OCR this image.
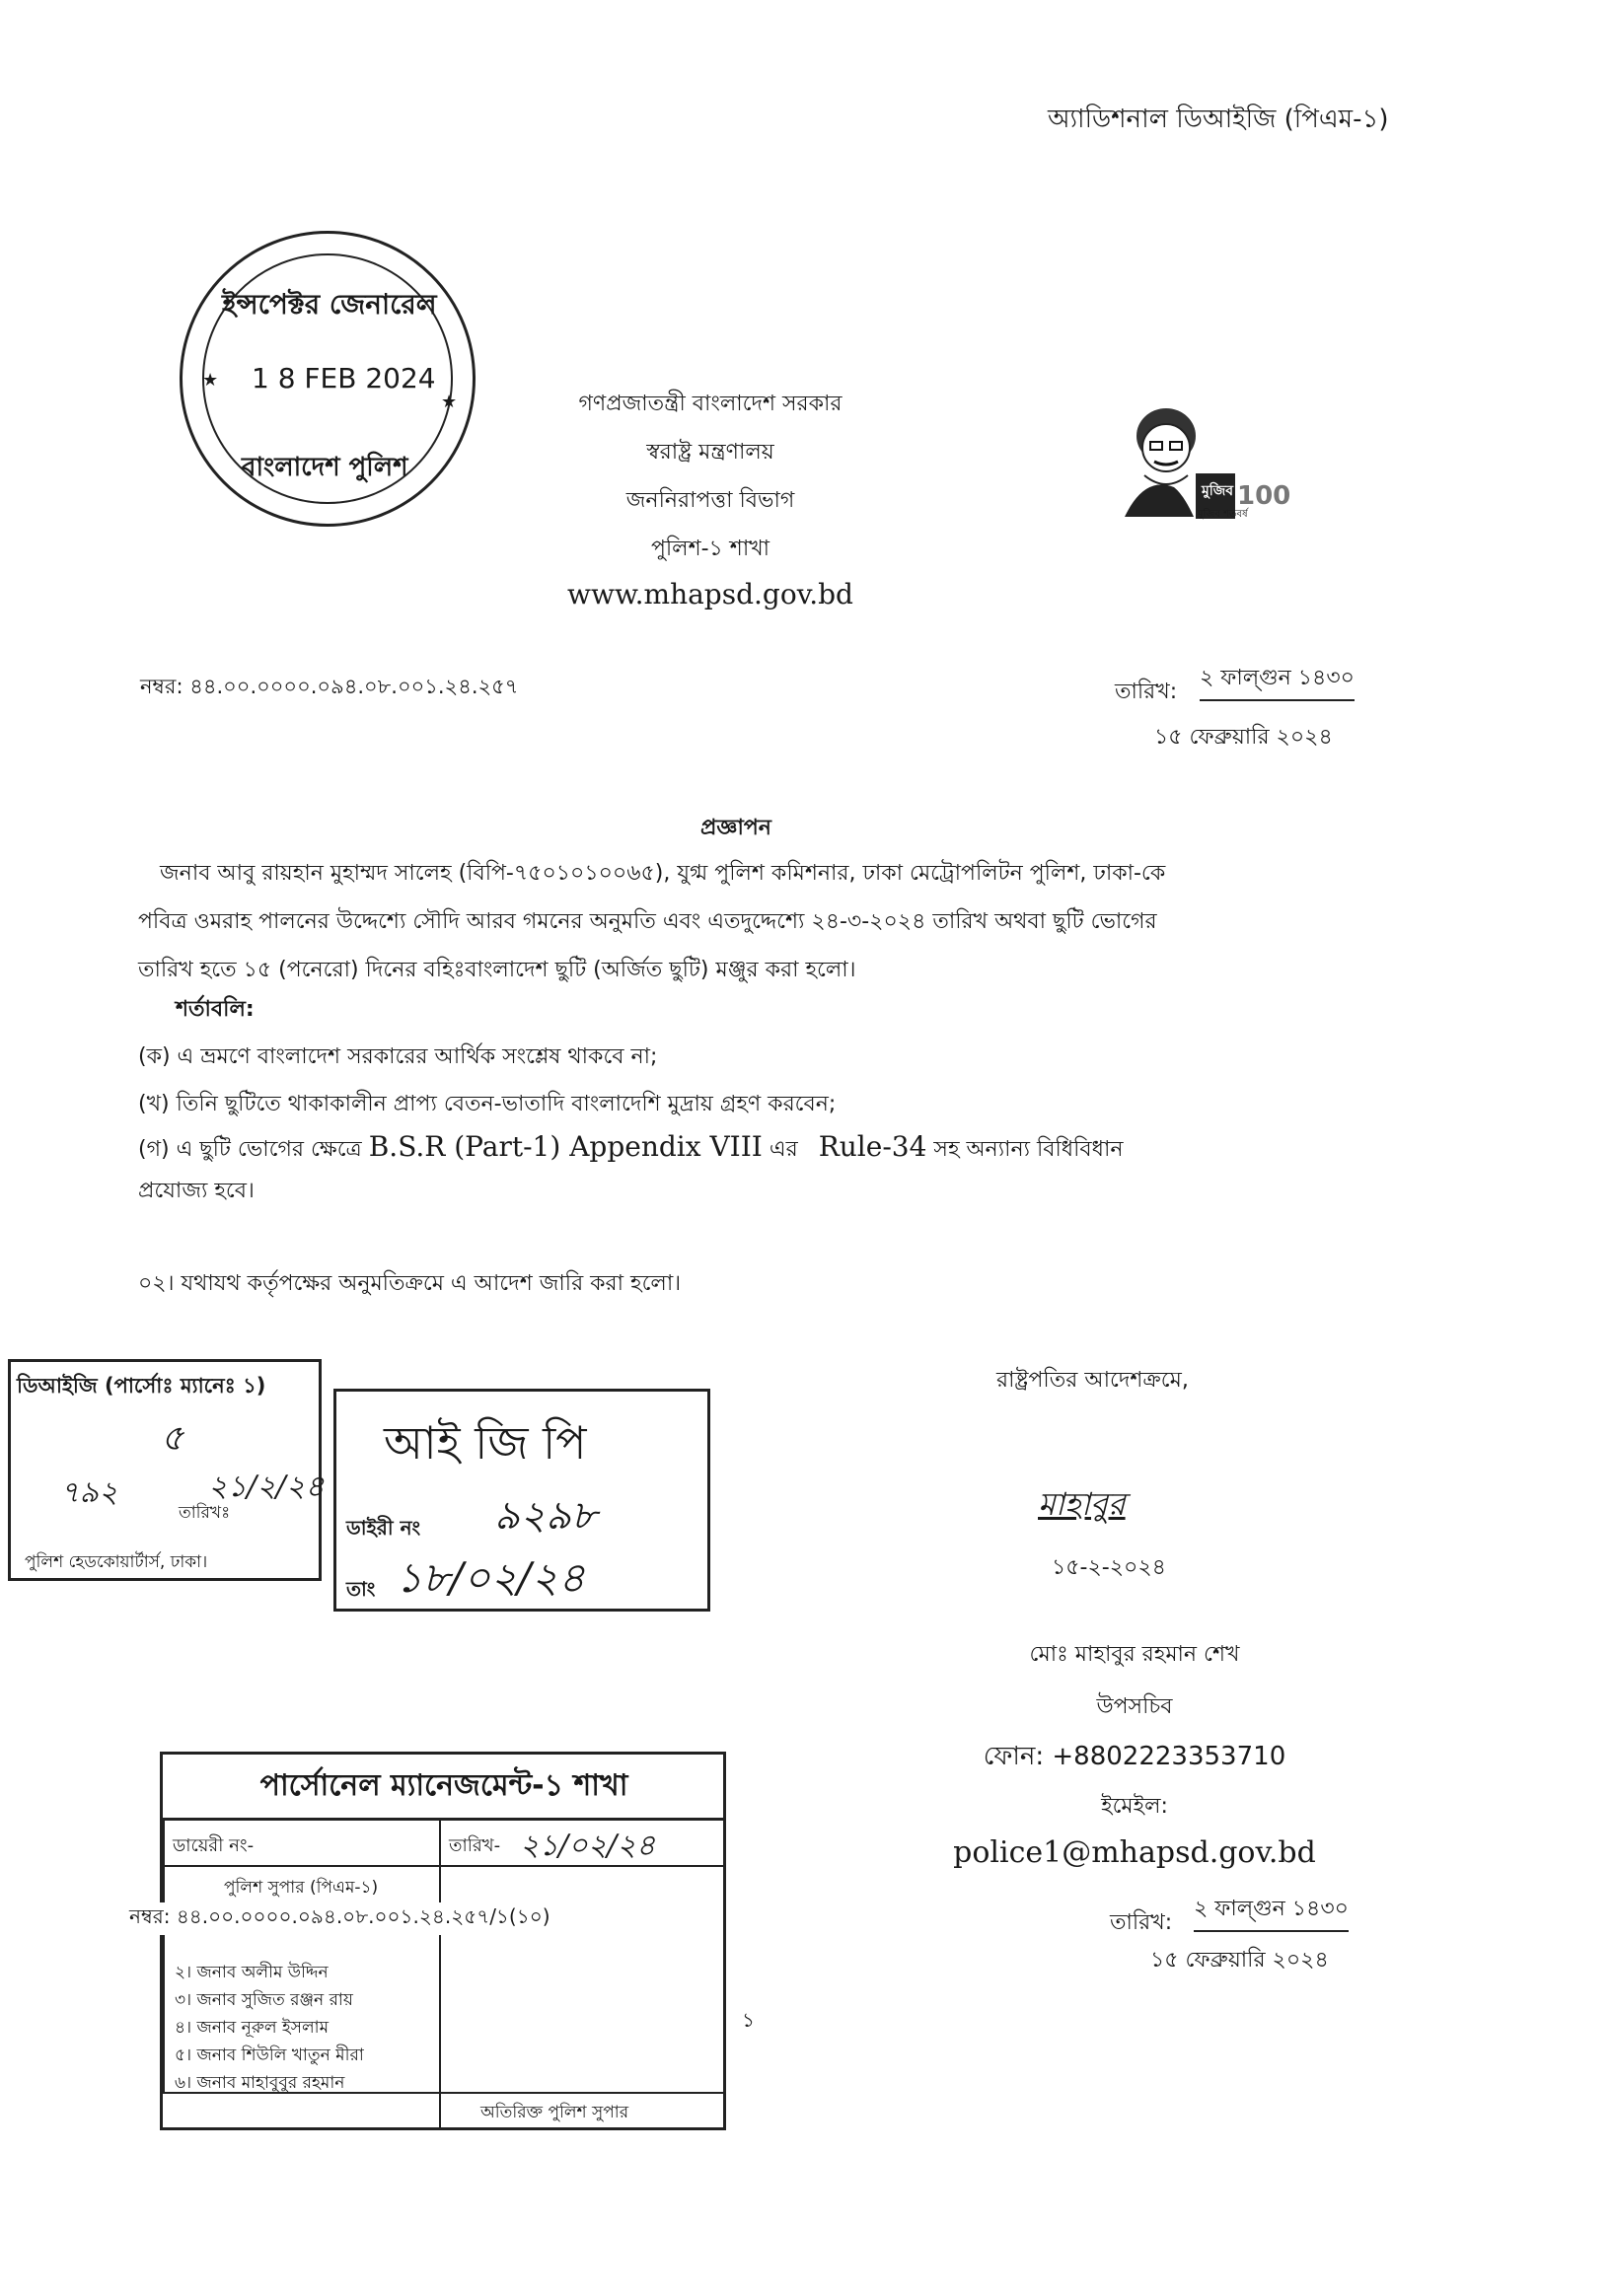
অ্যাডিশনাল ডিআইজি (পিএম-১)
ইন্সপেক্টর জেনারেল
1 8 FEB 2024
★
★
বাংলাদেশ পুলিশ
গণপ্রজাতন্ত্রী বাংলাদেশ সরকার
স্বরাষ্ট্র মন্ত্রণালয়
জননিরাপত্তা বিভাগ
পুলিশ-১ শাখা
www.mhapsd.gov.bd
মুজিব 100
মুজিব শতবর্ষ
নম্বর: ৪৪.০০.০০০০.০৯৪.০৮.০০১.২৪.২৫৭	তারিখ:
২ ফাল্গুন ১৪৩০
১৫ ফেব্রুয়ারি ২০২৪
প্রজ্ঞাপন
জনাব আবু রায়হান মুহাম্মদ সালেহ (বিপি-৭৫০১০১০০৬৫), যুগ্ম পুলিশ কমিশনার, ঢাকা মেট্রোপলিটন পুলিশ, ঢাকা-কে
পবিত্র ওমরাহ পালনের উদ্দেশ্যে সৌদি আরব গমনের অনুমতি এবং এতদুদ্দেশ্যে ২৪-৩-২০২৪ তারিখ অথবা ছুটি ভোগের
তারিখ হতে ১৫ (পনেরো) দিনের বহিঃবাংলাদেশ ছুটি (অর্জিত ছুটি) মঞ্জুর করা হলো।
শর্তাবলি:
(ক) এ ভ্রমণে বাংলাদেশ সরকারের আর্থিক সংশ্লেষ থাকবে না;
(খ) তিনি ছুটিতে থাকাকালীন প্রাপ্য বেতন-ভাতাদি বাংলাদেশি মুদ্রায় গ্রহণ করবেন;
(গ) এ ছুটি ভোগের ক্ষেত্রে B.S.R (Part-1) Appendix VIII এর Rule-34 সহ অন্যান্য বিধিবিধান
প্রযোজ্য হবে।
০২। যথাযথ কর্তৃপক্ষের অনুমতিক্রমে এ আদেশ জারি করা হলো।
রাষ্ট্রপতির আদেশক্রমে,
মাহাবুর
১৫-২-২০২৪
মোঃ মাহাবুর রহমান শেখ
উপসচিব
ফোন: +8802223353710
ইমেইল:
police1@mhapsd.gov.bd
তারিখ:
২ ফাল্গুন ১৪৩০
১৫ ফেব্রুয়ারি ২০২৪
ডিআইজি (পার্সোঃ ম্যানেঃ ১)
৫
৭৯২	২১/২/২৪
তারিখঃ
পুলিশ হেডকোয়ার্টার্স, ঢাকা।
আই জি পি
ডাইরী নং ৯২৯৮
তাং ১৮/০২/২৪
পার্সোনেল ম্যানেজমেন্ট-১ শাখা
ডায়েরী নং-	তারিখ- ২১/০২/২৪
পুলিশ সুপার (পিএম-১)
২। জনাব অলীম উদ্দিন
৩। জনাব সুজিত রঞ্জন রায়
৪। জনাব নূরুল ইসলাম
৫। জনাব শিউলি খাতুন মীরা
৬। জনাব মাহাবুবুর রহমান
অতিরিক্ত পুলিশ সুপার
নম্বর: ৪৪.০০.০০০০.০৯৪.০৮.০০১.২৪.২৫৭/১(১০)
১
